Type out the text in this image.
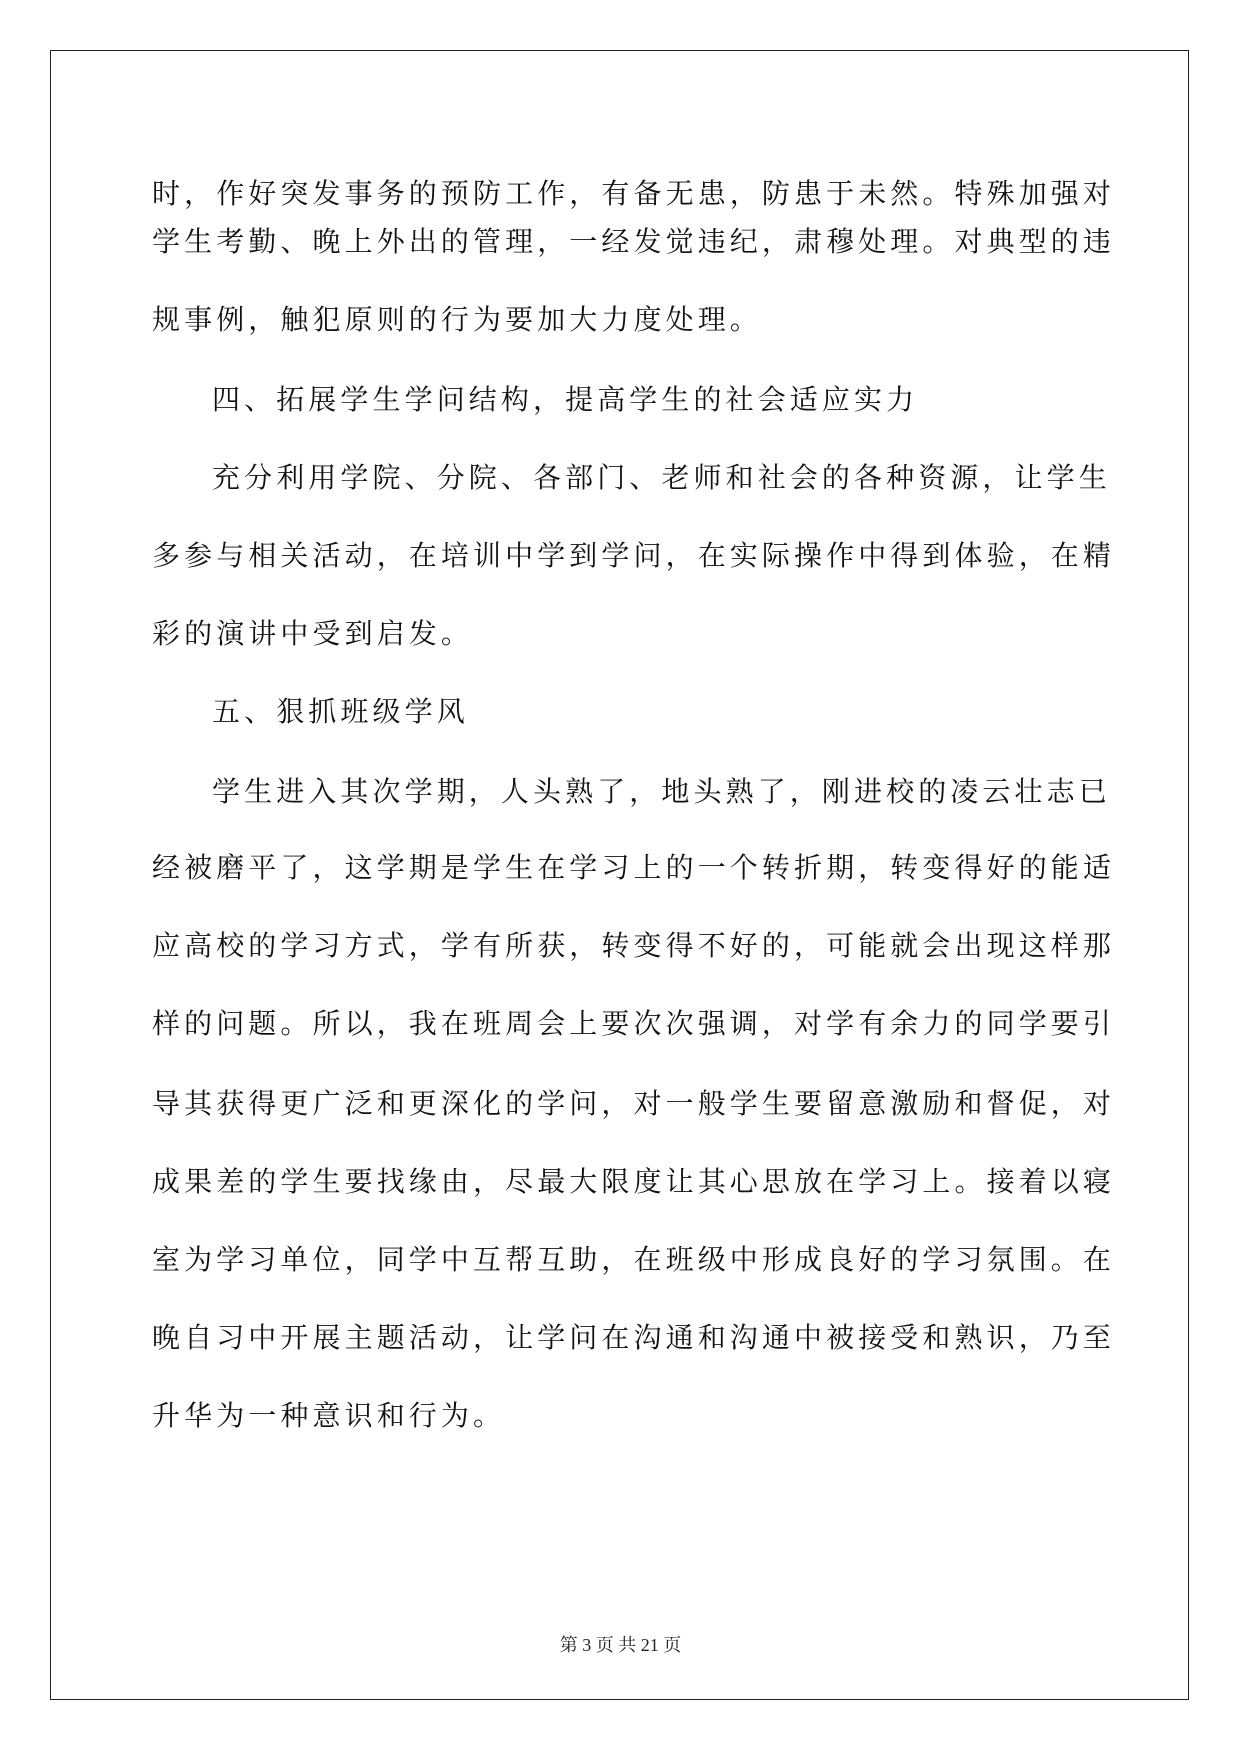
时，作好突发事务的预防工作，有备无患，防患于未然。特殊加强对
学生考勤、晚上外出的管理，一经发觉违纪，肃穆处理。对典型的违
规事例，触犯原则的行为要加大力度处理。
四、拓展学生学问结构，提高学生的社会适应实力
充分利用学院、分院、各部门、老师和社会的各种资源，让学生
多参与相关活动，在培训中学到学问，在实际操作中得到体验，在精
彩的演讲中受到启发。
五、狠抓班级学风
学生进入其次学期，人头熟了，地头熟了，刚进校的凌云壮志已
经被磨平了，这学期是学生在学习上的一个转折期，转变得好的能适
应高校的学习方式，学有所获，转变得不好的，可能就会出现这样那
样的问题。所以，我在班周会上要次次强调，对学有余力的同学要引
导其获得更广泛和更深化的学问，对一般学生要留意激励和督促，对
成果差的学生要找缘由，尽最大限度让其心思放在学习上。接着以寝
室为学习单位，同学中互帮互助，在班级中形成良好的学习氛围。在
晚自习中开展主题活动，让学问在沟通和沟通中被接受和熟识，乃至
升华为一种意识和行为。
第 3 页 共 21 页
